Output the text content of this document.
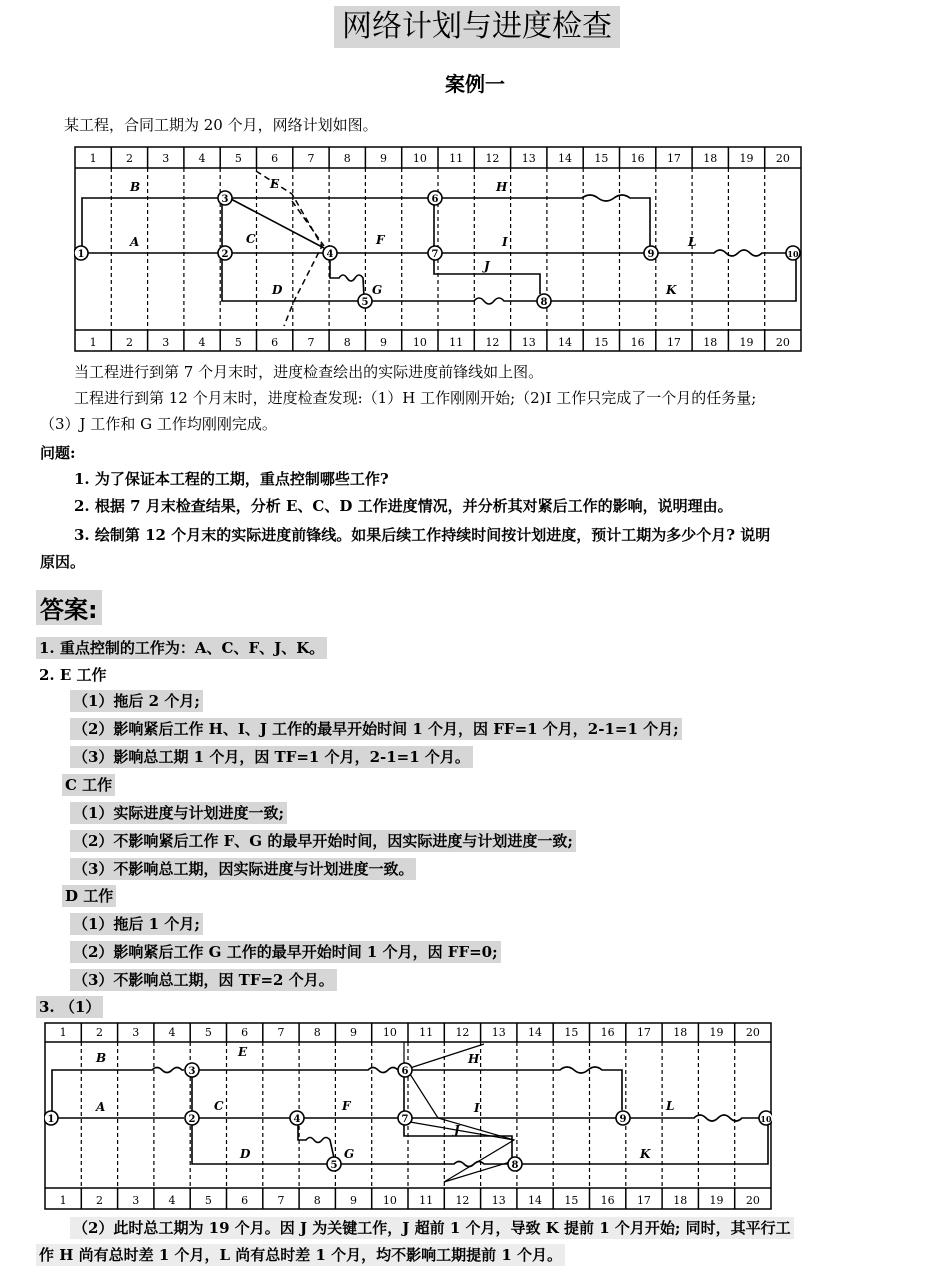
网络计划与进度检查
案例一
某工程，合同工期为 20 个月，网络计划如图。
1	2	3	4	5	6	7	8	9 10 11 12 13 14 15 16 17 18 19 20
1	2	3	4	5	6	7	8	9 10 11 12 13 14 15 16 17 18 19 20
1	2
3
4
5
6
7
8
9	10
A
B
C
D
E
F
G
H
I
J
K
L
当工程进行到第 7 个月末时，进度检查绘出的实际进度前锋线如上图。
工程进行到第 12 个月末时，进度检查发现:（1）H 工作刚刚开始;（2)I 工作只完成了一个月的任务量;
（3）J 工作和 G 工作均刚刚完成。
问题:
1. 为了保证本工程的工期，重点控制哪些工作?
2. 根据 7 月末检查结果，分析 E、C、D 工作进度情况，并分析其对紧后工作的影响，说明理由。
3. 绘制第 12 个月末的实际进度前锋线。如果后续工作持续时间按计划进度，预计工期为多少个月? 说明
原因。
答案:
1. 重点控制的工作为：A、C、F、J、K。
2. E 工作
（1）拖后 2 个月;
（2）影响紧后工作 H、I、J 工作的最早开始时间 1 个月，因 FF=1 个月，2-1=1 个月;
（3）影响总工期 1 个月，因 TF=1 个月，2-1=1 个月。
C 工作
（1）实际进度与计划进度一致;
（2）不影响紧后工作 F、G 的最早开始时间，因实际进度与计划进度一致;
（3）不影响总工期，因实际进度与计划进度一致。
D 工作
（1）拖后 1 个月;
（2）影响紧后工作 G 工作的最早开始时间 1 个月，因 FF=0;
（3）不影响总工期，因 TF=2 个月。
3. （1）
1	2	3	4	5	6	7	8	9 10 11 12 13 14 15 16 17 18 19 20
1	2	3	4	5	6	7	8	9 10 11 12 13 14 15 16 17 18 19 20
1	2
3
4
5
6
7
8
9	10
A
B
C
D
E
F
G
H
I
J
K
L
（2）此时总工期为 19 个月。因 J 为关键工作，J 超前 1 个月，导致 K 提前 1 个月开始; 同时，其平行工
作 H 尚有总时差 1 个月，L 尚有总时差 1 个月，均不影响工期提前 1 个月。
